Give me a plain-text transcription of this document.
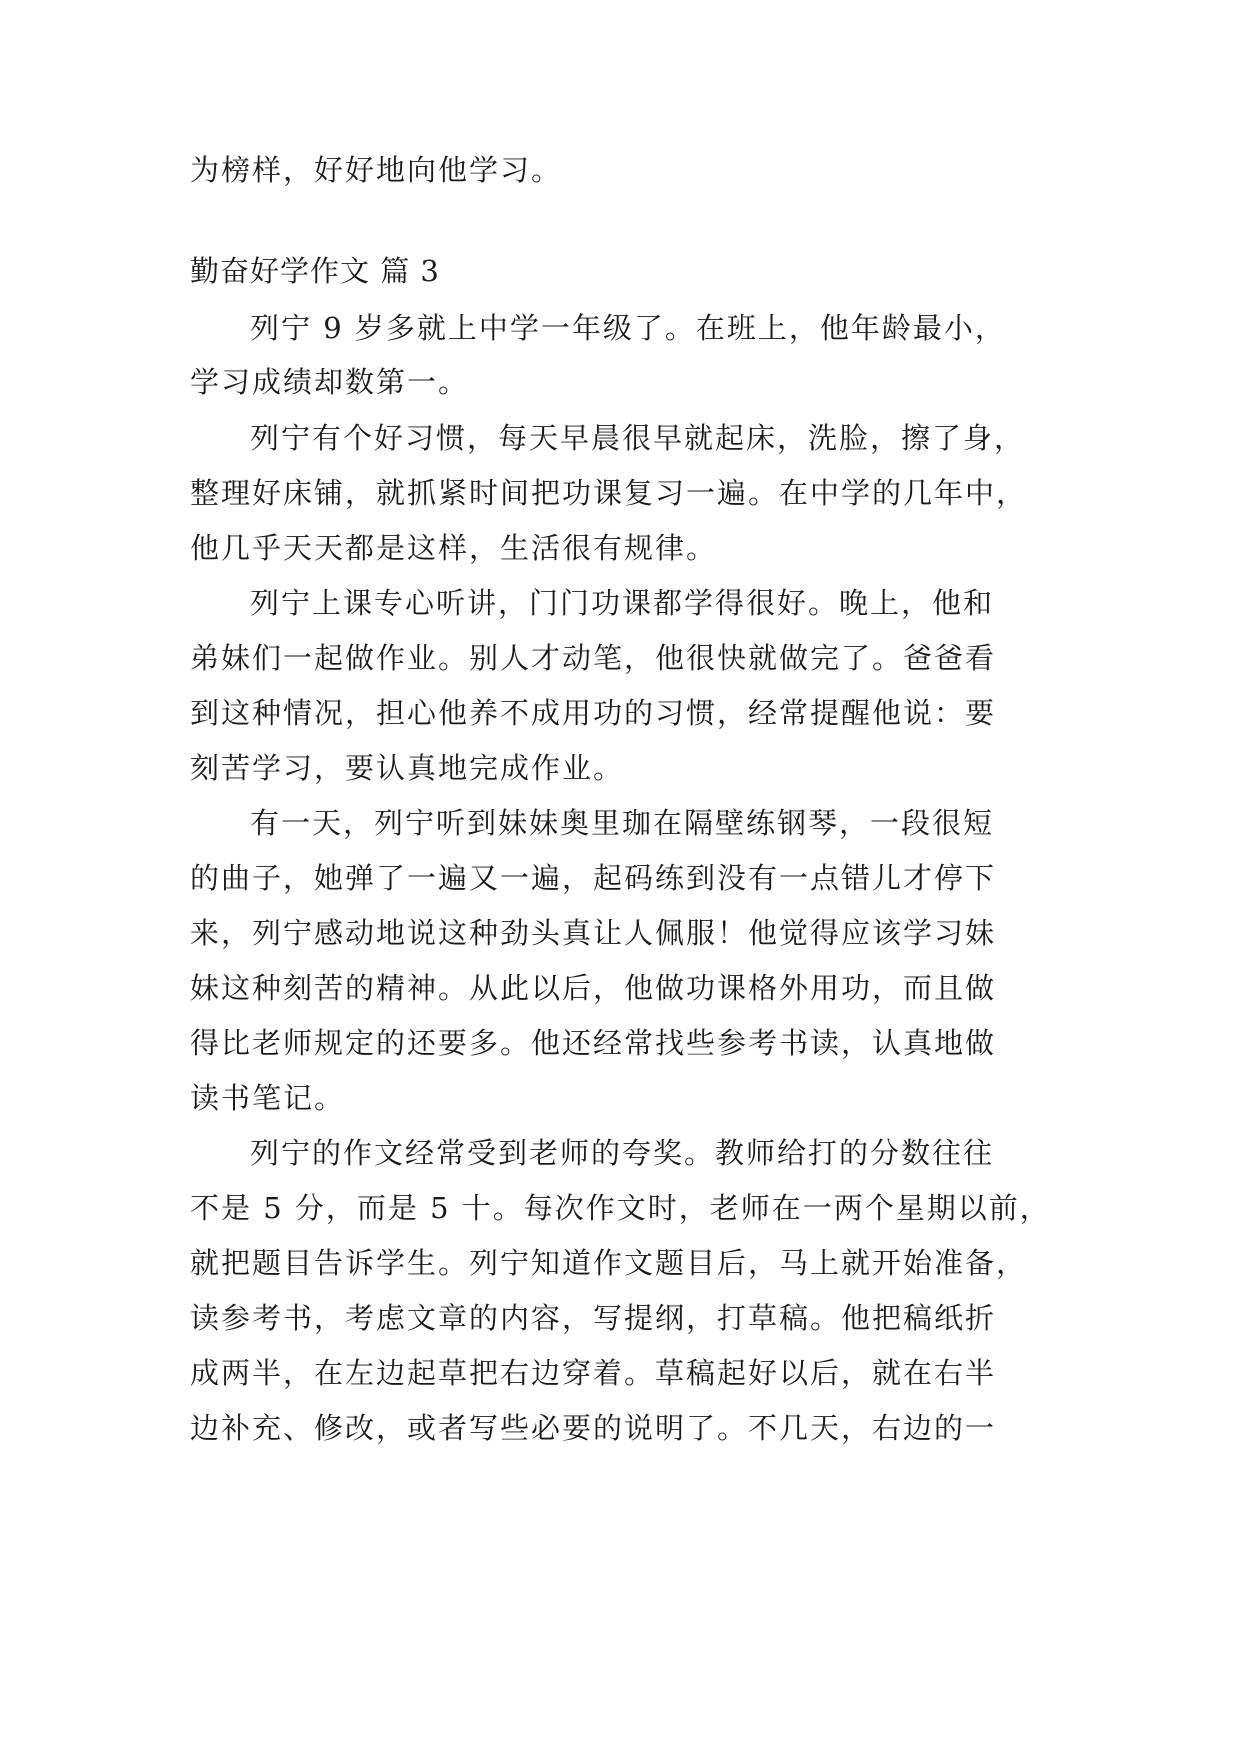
为榜样，好好地向他学习。
勤奋好学作文 篇 3
列宁 9 岁多就上中学一年级了。在班上，他年龄最小，
学习成绩却数第一。
列宁有个好习惯，每天早晨很早就起床，洗脸，擦了身，
整理好床铺，就抓紧时间把功课复习一遍。在中学的几年中，
他几乎天天都是这样，生活很有规律。
列宁上课专心听讲，门门功课都学得很好。晚上，他和
弟妹们一起做作业。别人才动笔，他很快就做完了。爸爸看
到这种情况，担心他养不成用功的习惯，经常提醒他说：要
刻苦学习，要认真地完成作业。
有一天，列宁听到妹妹奥里珈在隔壁练钢琴，一段很短
的曲子，她弹了一遍又一遍，起码练到没有一点错儿才停下
来，列宁感动地说这种劲头真让人佩服！他觉得应该学习妹
妹这种刻苦的精神。从此以后，他做功课格外用功，而且做
得比老师规定的还要多。他还经常找些参考书读，认真地做
读书笔记。
列宁的作文经常受到老师的夸奖。教师给打的分数往往
不是 5 分，而是 5 十。每次作文时，老师在一两个星期以前，
就把题目告诉学生。列宁知道作文题目后，马上就开始准备，
读参考书，考虑文章的内容，写提纲，打草稿。他把稿纸折
成两半，在左边起草把右边穿着。草稿起好以后，就在右半
边补充、修改，或者写些必要的说明了。不几天，右边的一
